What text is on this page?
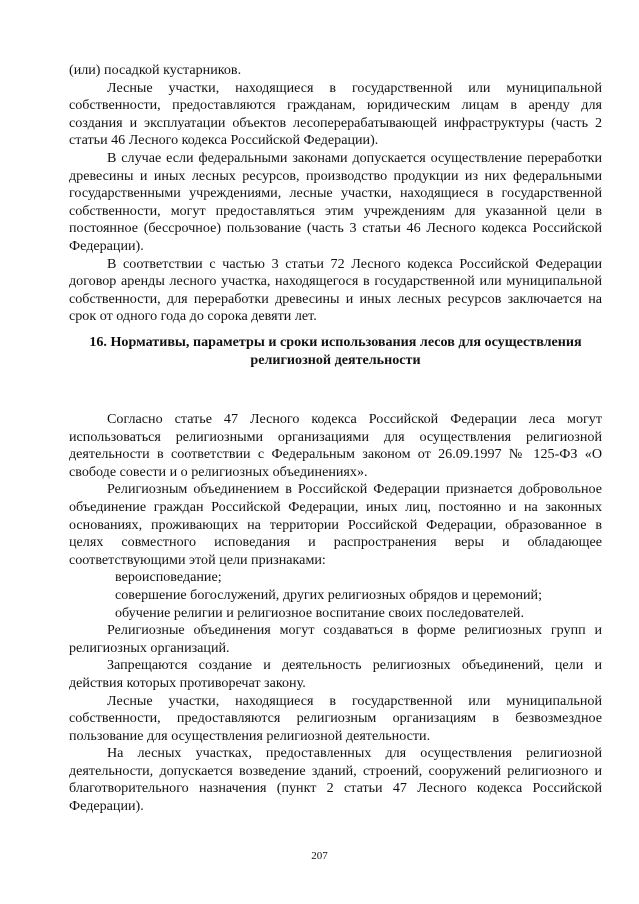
(или) посадкой кустарников.

Лесные участки, находящиеся в государственной или муниципальной собственности, предоставляются гражданам, юридическим лицам в аренду для создания и эксплуатации объектов лесоперерабатывающей инфраструктуры (часть 2 статьи 46 Лесного кодекса Российской Федерации).

В случае если федеральными законами допускается осуществление переработки древесины и иных лесных ресурсов, производство продукции из них федеральными государственными учреждениями, лесные участки, находящиеся в государственной собственности, могут предоставляться этим учреждениям для указанной цели в постоянное (бессрочное) пользование (часть 3 статьи 46 Лесного кодекса Российской Федерации).

В соответствии с частью 3 статьи 72 Лесного кодекса Российской Федерации договор аренды лесного участка, находящегося в государственной или муниципальной собственности, для переработки древесины и иных лесных ресурсов заключается на срок от одного года до сорока девяти лет.

16. Нормативы, параметры и сроки использования лесов для осуществления
религиозной деятельности

Согласно статье 47 Лесного кодекса Российской Федерации леса могут использоваться религиозными организациями для осуществления религиозной деятельности в соответствии с Федеральным законом от 26.09.1997 № 125-ФЗ «О свободе совести и о религиозных объединениях».

Религиозным объединением в Российской Федерации признается добровольное объединение граждан Российской Федерации, иных лиц, постоянно и на законных основаниях, проживающих на территории Российской Федерации, образованное в целях совместного исповедания и распространения веры и обладающее соответствующими этой цели признаками:

вероисповедание;

совершение богослужений, других религиозных обрядов и церемоний;

обучение религии и религиозное воспитание своих последователей.

Религиозные объединения могут создаваться в форме религиозных групп и религиозных организаций.

Запрещаются создание и деятельность религиозных объединений, цели и действия которых противоречат закону.

Лесные участки, находящиеся в государственной или муниципальной собственности, предоставляются религиозным организациям в безвозмездное пользование для осуществления религиозной деятельности.

На лесных участках, предоставленных для осуществления религиозной деятельности, допускается возведение зданий, строений, сооружений религиозного и благотворительного назначения (пункт 2 статьи 47 Лесного кодекса Российской Федерации).

207
